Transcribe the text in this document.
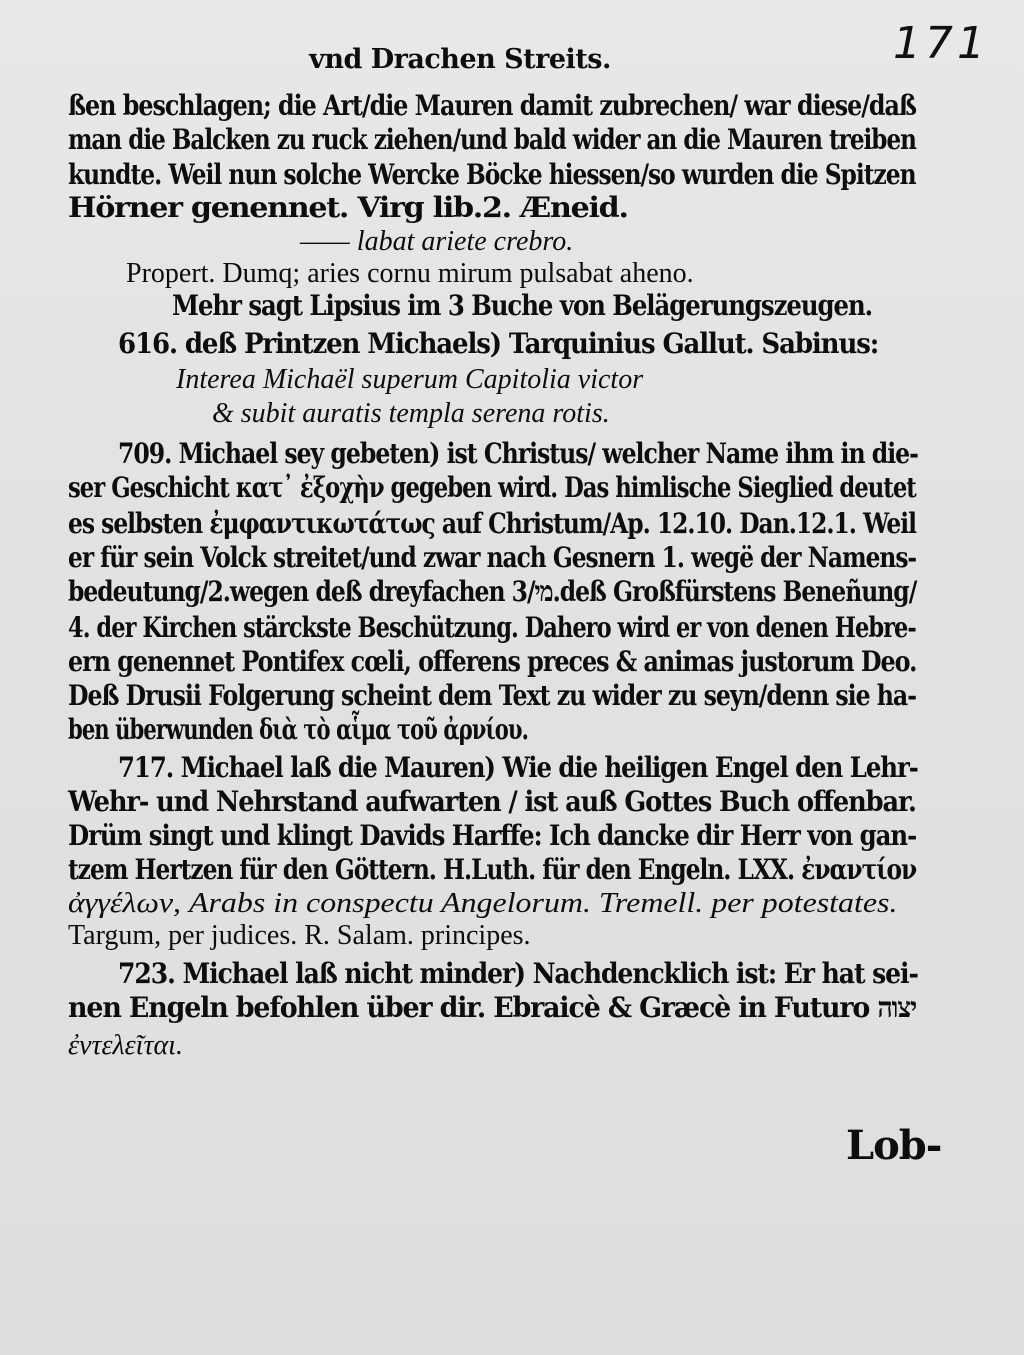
171
vnd Drachen Streits.
ßen beschlagen; die Art/die Mauren damit zubrechen/ war diese/daß
man die Balcken zu ruck ziehen/und bald wider an die Mauren treiben
kundte. Weil nun solche Wercke Böcke hiessen/so wurden die Spitzen
Hörner genennet. Virg lib.2. Æneid.
—— labat ariete crebro.
Propert. Dumq; aries cornu mirum pulsabat aheno.
Mehr sagt Lipsius im 3 Buche von Belägerungszeugen.
616. deß Printzen Michaels) Tarquinius Gallut. Sabinus:
Interea Michaël superum Capitolia victor
& subit auratis templa serena rotis.
709. Michael sey gebeten) ist Christus/ welcher Name ihm in die-
ser Geschicht κατ᾽ ἐξοχὴν gegeben wird. Das himlische Sieglied deutet
es selbsten ἐμφαντικωτάτως auf Christum/Ap. 12.10. Dan.12.1. Weil
er für sein Volck streitet/und zwar nach Gesnern 1. wegë der Namens-
bedeutung/2.wegen deß dreyfachen מי/3.deß Großfürstens Beneñung/
4. der Kirchen stärckste Beschützung. Dahero wird er von denen Hebre-
ern genennet Pontifex cœli, offerens preces & animas justorum Deo.
Deß Drusii Folgerung scheint dem Text zu wider zu seyn/denn sie ha-
ben überwunden διὰ τὸ αἷμα τοῦ ἀρνίου.
717. Michael laß die Mauren) Wie die heiligen Engel den Lehr-
Wehr- und Nehrstand aufwarten / ist auß Gottes Buch offenbar.
Drüm singt und klingt Davids Harffe: Ich dancke dir Herr von gan-
tzem Hertzen für den Göttern. H.Luth. für den Engeln. LXX. ἐναντίον
ἀγγέλων, Arabs in conspectu Angelorum. Tremell. per potestates.
Targum, per judices. R. Salam. principes.
723. Michael laß nicht minder) Nachdencklich ist: Er hat sei-
nen Engeln befohlen über dir. Ebraicè & Græcè in Futuro יצוה
ἐντελεῖται.
Lob-
